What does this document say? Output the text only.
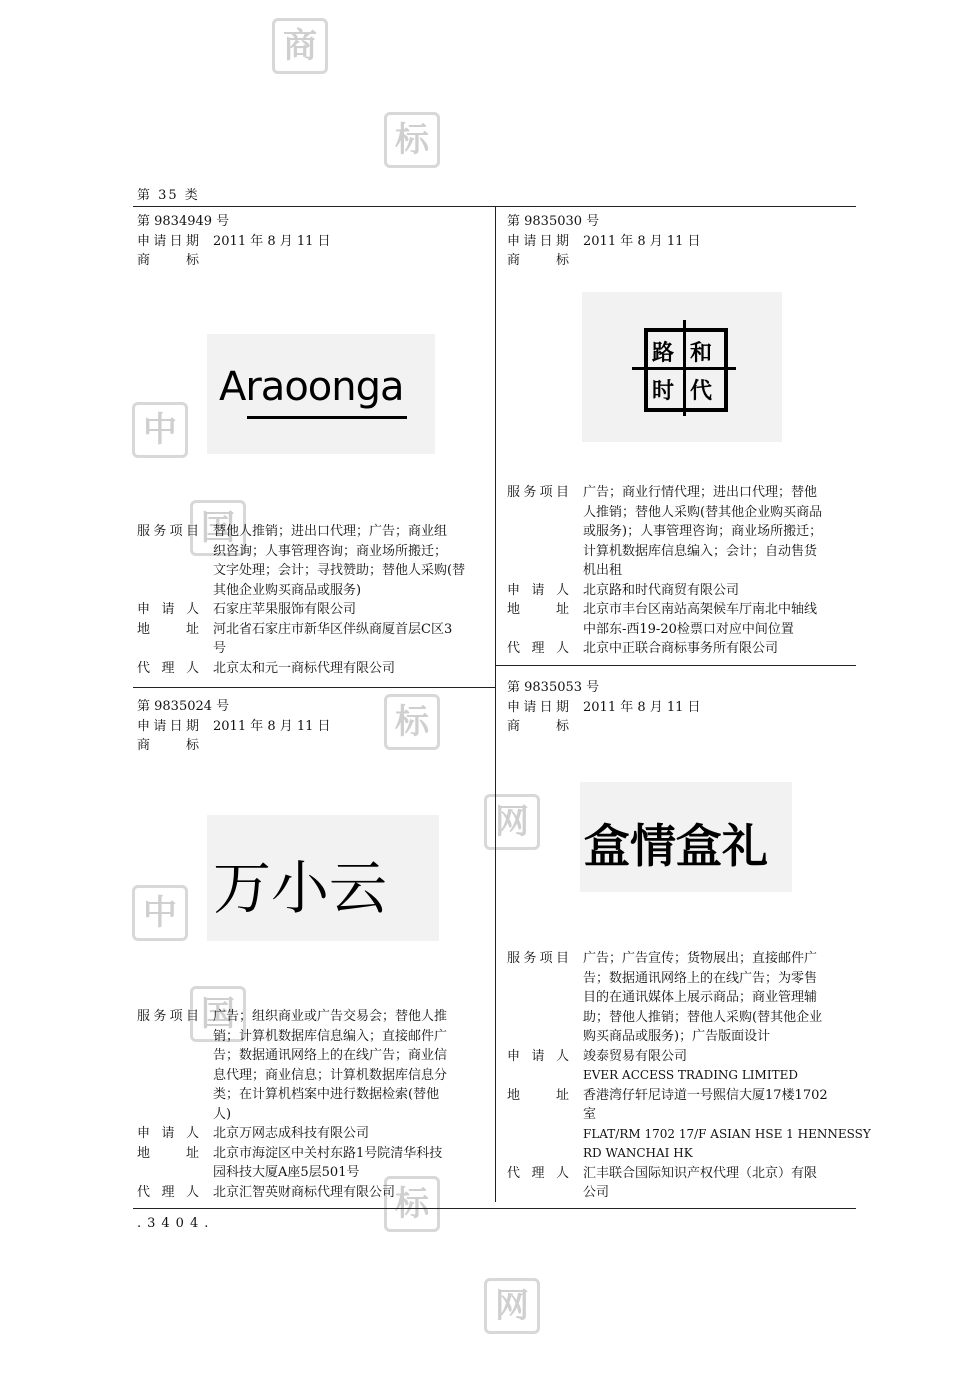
商
标
中
国
标
网
中
国
标
网
第 35 类
第 9834949 号
申请日期 2011 年 8 月 11 日
商 标

Araoonga
服务项目 替他人推销；进出口代理；广告；商业组
织咨询；人事管理咨询；商业场所搬迁；
文字处理；会计；寻找赞助；替他人采购(替
其他企业购买商品或服务)
申 请 人 石家庄苹果服饰有限公司
地 址 河北省石家庄市新华区伴纵商厦首层C区3
号
代 理 人 北京太和元一商标代理有限公司
第 9835030 号
申请日期 2011 年 8 月 11 日
商 标

路 和
时 代
服务项目 广告；商业行情代理；进出口代理；替他
人推销；替他人采购(替其他企业购买商品
或服务)；人事管理咨询；商业场所搬迁；
计算机数据库信息编入；会计；自动售货
机出租
申 请 人 北京路和时代商贸有限公司
地 址 北京市丰台区南站高架候车厅南北中轴线
中部东-西19-20检票口对应中间位置
代 理 人 北京中正联合商标事务所有限公司
第 9835024 号
申请日期 2011 年 8 月 11 日
商 标

万小云
服务项目 广告；组织商业或广告交易会；替他人推
销；计算机数据库信息编入；直接邮件广
告；数据通讯网络上的在线广告；商业信
息代理；商业信息；计算机数据库信息分
类；在计算机档案中进行数据检索(替他
人)
申 请 人 北京万网志成科技有限公司
地 址 北京市海淀区中关村东路1号院清华科技
园科技大厦A座5层501号
代 理 人 北京汇智英财商标代理有限公司
第 9835053 号
申请日期 2011 年 8 月 11 日
商 标

盒情盒礼
服务项目 广告；广告宣传；货物展出；直接邮件广
告；数据通讯网络上的在线广告；为零售
目的在通讯媒体上展示商品；商业管理辅
助；替他人推销；替他人采购(替其他企业
购买商品或服务)；广告版面设计
申 请 人 竣泰贸易有限公司
EVER ACCESS TRADING LIMITED
地 址 香港湾仔轩尼诗道一号熙信大厦17楼1702
室
FLAT/RM 1702 17/F ASIAN HSE 1 HENNESSY
RD WANCHAI HK
代 理 人 汇丰联合国际知识产权代理（北京）有限
公司
.3404.
